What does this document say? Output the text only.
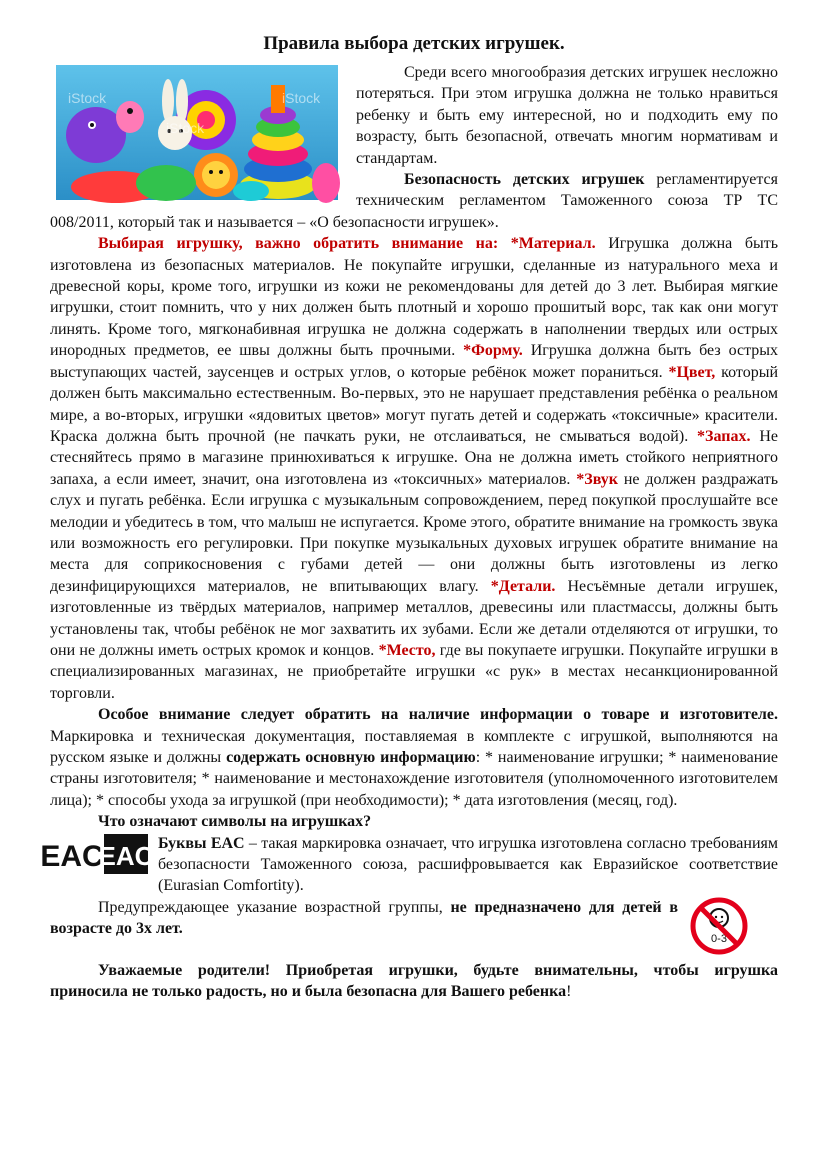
Правила выбора детских игрушек.
iStock
iStock
iStock

Среди всего многообразия детских игрушек несложно потеряться. При этом игрушка должна не только нравиться ребенку и быть ему интересной, но и подходить ему по возрасту, быть безопасной, отвечать многим нормативам и стандартам.

Безопасность детских игрушек регламентируется техническим регламентом Таможенного союза ТР ТС 008/2011, который так и называется – «О безопасности игрушек».

Выбирая игрушку, важно обратить внимание на: *Материал. Игрушка должна быть изготовлена из безопасных материалов. Не покупайте игрушки, сделанные из натурального меха и древесной коры, кроме того, игрушки из кожи не рекомендованы для детей до 3 лет. Выбирая мягкие игрушки, стоит помнить, что у них должен быть плотный и хорошо прошитый ворс, так как они могут линять. Кроме того, мягконабивная игрушка не должна содержать в наполнении твердых или острых инородных предметов, ее швы должны быть прочными. *Форму. Игрушка должна быть без острых выступающих частей, заусенцев и острых углов, о которые ребёнок может пораниться. *Цвет, который должен быть максимально естественным. Во-первых, это не нарушает представления ребёнка о реальном мире, а во-вторых, игрушки «ядовитых цветов» могут пугать детей и содержать «токсичные» красители. Краска должна быть прочной (не пачкать руки, не отслаиваться, не смываться водой). *Запах. Не стесняйтесь прямо в магазине принюхиваться к игрушке. Она не должна иметь стойкого неприятного запаха, а если имеет, значит, она изготовлена из «токсичных» материалов. *Звук не должен раздражать слух и пугать ребёнка. Если игрушка с музыкальным сопровождением, перед покупкой прослушайте все мелодии и убедитесь в том, что малыш не испугается. Кроме этого, обратите внимание на громкость звука или возможность его регулировки. При покупке музыкальных духовых игрушек обратите внимание на места для соприкосновения с губами детей — они должны быть изготовлены из легко дезинфицирующихся материалов, не впитывающих влагу. *Детали. Несъёмные детали игрушек, изготовленные из твёрдых материалов, например металлов, древесины или пластмассы, должны быть установлены так, чтобы ребёнок не мог захватить их зубами. Если же детали отделяются от игрушки, то они не должны иметь острых кромок и концов. *Место, где вы покупаете игрушки. Покупайте игрушки в специализированных магазинах, не приобретайте игрушки «с рук» в местах несанкционированной торговли.

Особое внимание следует обратить на наличие информации о товаре и изготовителе. Маркировка и техническая документация, поставляемая в комплекте с игрушкой, выполняются на русском языке и должны содержать основную информацию: * наименование игрушки; * наименование страны изготовителя; * наименование и местонахождение изготовителя (уполномоченного изготовителем лица); * способы ухода за игрушкой (при необходимости); * дата изготовления (месяц, год).

Что означают символы на игрушках?

EAC
EAC Буквы EAC – такая маркировка означает, что игрушка изготовлена согласно требованиям безопасности Таможенного союза, расшифровывается как Евразийское соответствие (Eurasian Comfortity).

0-3

Предупреждающее указание возрастной группы, не предназначено для детей в возрасте до 3х лет.

Уважаемые родители! Приобретая игрушки, будьте внимательны, чтобы игрушка приносила не только радость, но и была безопасна для Вашего ребенка!
